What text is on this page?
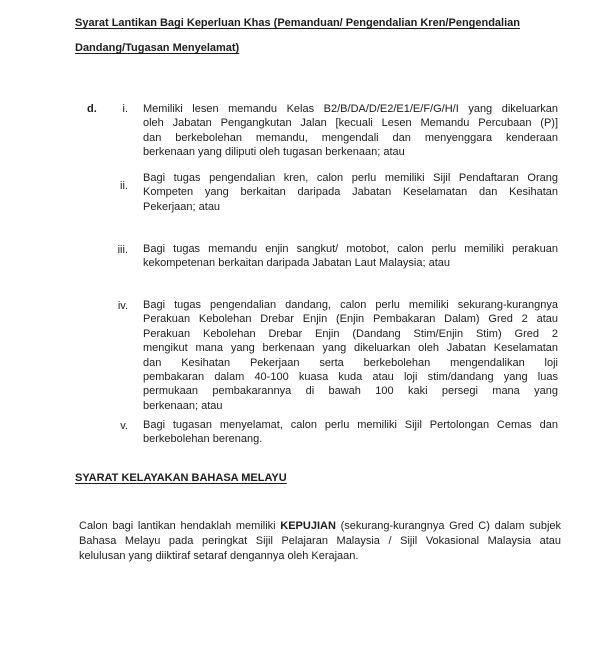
Syarat Lantikan Bagi Keperluan Khas (Pemanduan/ Pengendalian Kren/Pengendalian
Dandang/Tugasan Menyelamat)
d.	i.	Memiliki lesen memandu Kelas B2/B/DA/D/E2/E1/E/F/G/H/I yang dikeluarkan
oleh Jabatan Pengangkutan Jalan [kecuali Lesen Memandu Percubaan (P)]
dan berkebolehan memandu, mengendali dan menyenggara kenderaan
berkenaan yang diliputi oleh tugasan berkenaan; atau
ii.
Bagi tugas pengendalian kren, calon perlu memiliki Sijil Pendaftaran Orang
Kompeten yang berkaitan daripada Jabatan Keselamatan dan Kesihatan
Pekerjaan; atau
iii.	Bagi tugas memandu enjin sangkut/ motobot, calon perlu memiliki perakuan
kekompetenan berkaitan daripada Jabatan Laut Malaysia; atau
iv.	Bagi tugas pengendalian dandang, calon perlu memiliki sekurang-kurangnya
Perakuan Kebolehan Drebar Enjin (Enjin Pembakaran Dalam) Gred 2 atau
Perakuan Kebolehan Drebar Enjin (Dandang Stim/Enjin Stim) Gred 2
mengikut mana yang berkenaan yang dikeluarkan oleh Jabatan Keselamatan
dan Kesihatan Pekerjaan serta berkebolehan mengendalikan loji
pembakaran dalam 40-100 kuasa kuda atau loji stim/dandang yang luas
permukaan pembakarannya di bawah 100 kaki persegi mana yang
berkenaan; atau
v.	Bagi tugasan menyelamat, calon perlu memiliki Sijil Pertolongan Cemas dan
berkebolehan berenang.
SYARAT KELAYAKAN BAHASA MELAYU
Calon bagi lantikan hendaklah memiliki KEPUJIAN (sekurang-kurangnya Gred C) dalam subjek
Bahasa Melayu pada peringkat Sijil Pelajaran Malaysia / Sijil Vokasional Malaysia atau
kelulusan yang diiktiraf setaraf dengannya oleh Kerajaan.
